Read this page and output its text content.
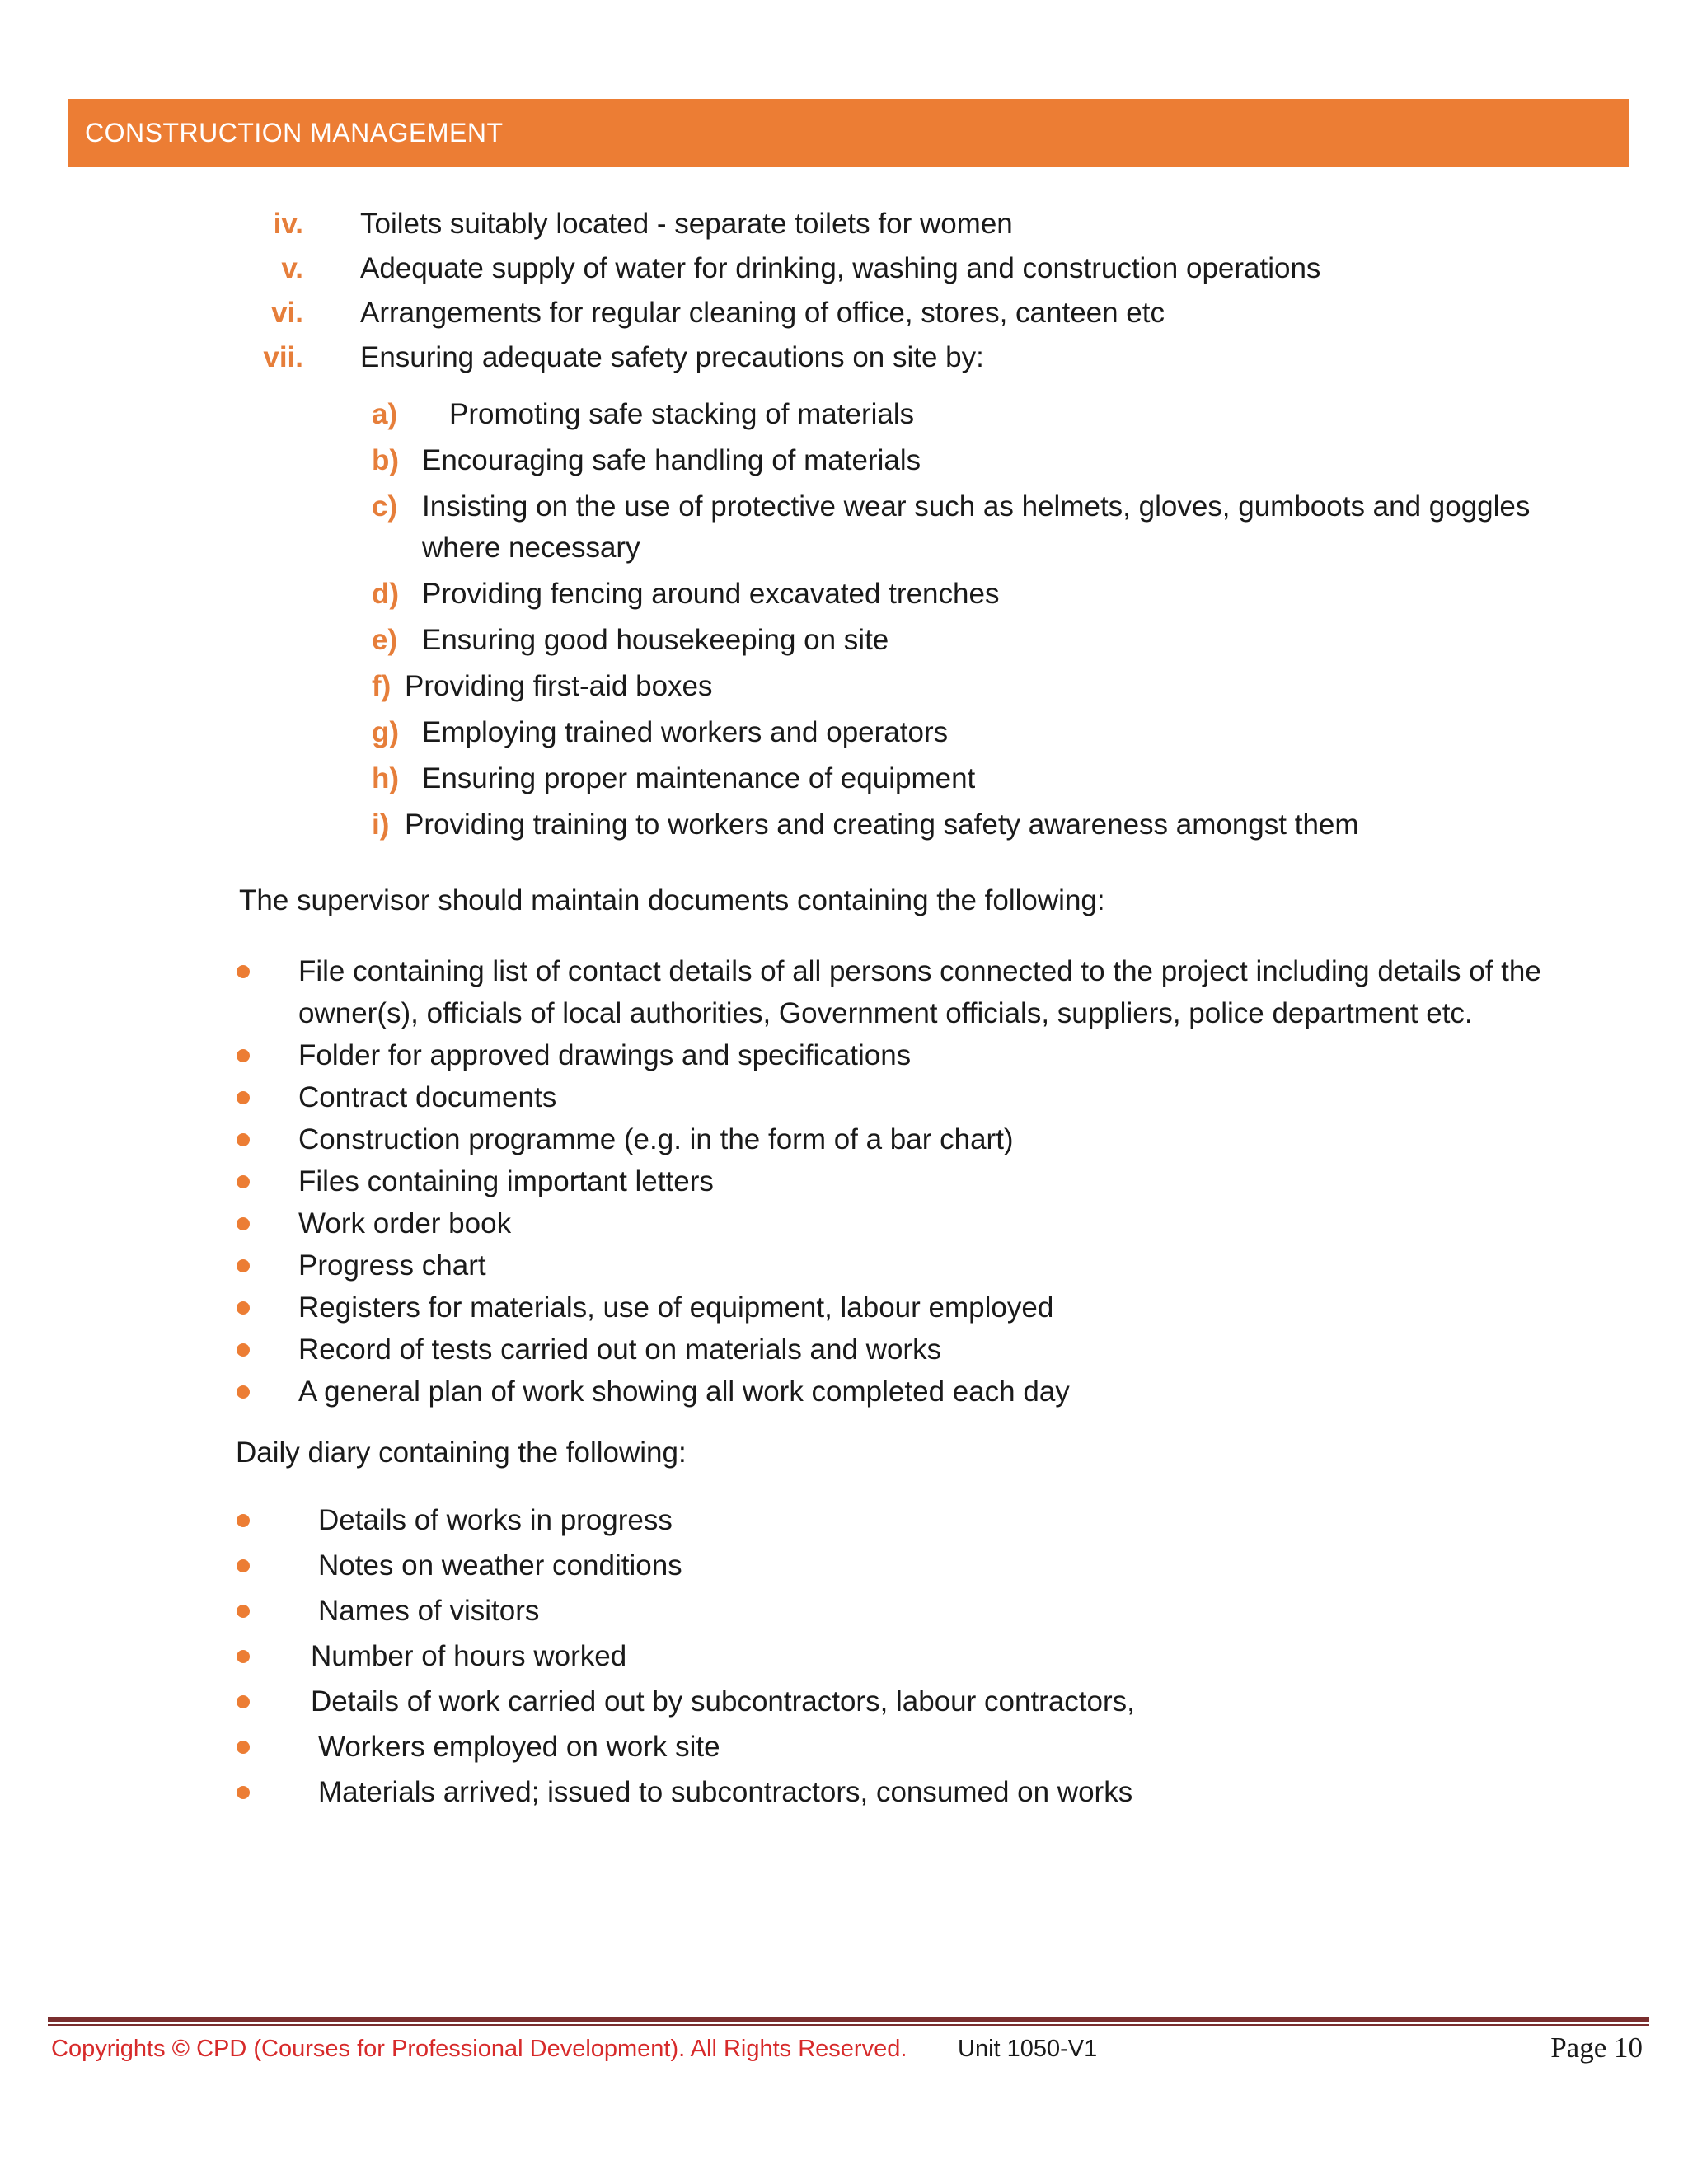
CONSTRUCTION MANAGEMENT
iv. Toilets suitably located - separate toilets for women
v. Adequate supply of water for drinking, washing and construction operations
vi. Arrangements for regular cleaning of office, stores, canteen etc
vii. Ensuring adequate safety precautions on site by:
a) Promoting safe stacking of materials
b) Encouraging safe handling of materials
c) Insisting on the use of protective wear such as helmets, gloves, gumboots and goggles where necessary
d) Providing fencing around excavated trenches
e) Ensuring good housekeeping on site
f) Providing first-aid boxes
g) Employing trained workers and operators
h) Ensuring proper maintenance of equipment
i) Providing training to workers and creating safety awareness amongst them
The supervisor should maintain documents containing the following:
File containing list of contact details of all persons connected to the project including details of the owner(s), officials of local authorities, Government officials, suppliers, police department etc.
Folder for approved drawings and specifications
Contract documents
Construction programme (e.g. in the form of a bar chart)
Files containing important letters
Work order book
Progress chart
Registers for materials, use of equipment, labour employed
Record of tests carried out on materials and works
A general plan of work showing all work completed each day
Daily diary containing the following:
Details of works in progress
Notes on weather conditions
Names of visitors
Number of hours worked
Details of work carried out by subcontractors, labour contractors,
Workers employed on work site
Materials arrived; issued to subcontractors, consumed on works
Copyrights © CPD (Courses for Professional Development). All Rights Reserved. Unit 1050-V1	Page 10
